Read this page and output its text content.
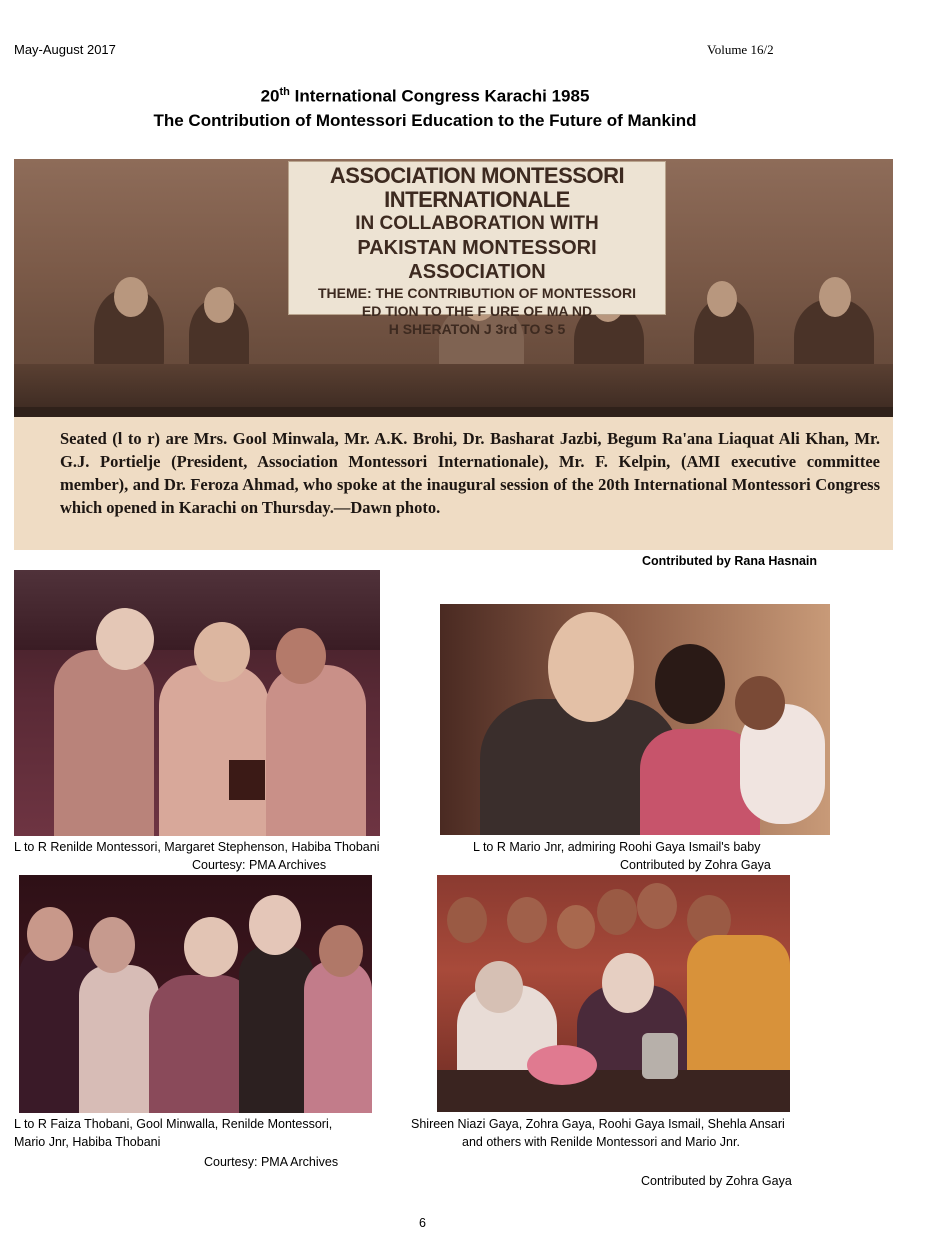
May-August 2017	Volume 16/2
20th International Congress Karachi 1985
The Contribution of Montessori Education to the Future of Mankind
ASSOCIATION MONTESSORI INTERNATIONALE
IN COLLABORATION WITH
PAKISTAN MONTESSORI ASSOCIATION
THEME: THE CONTRIBUTION OF MONTESSORI
ED TION TO THE F URE OF MA ND
H SHERATON J 3rd TO S 5
Seated (l to r) are Mrs. Gool Minwala, Mr. A.K. Brohi, Dr. Basharat Jazbi, Begum Ra'ana Liaquat Ali Khan, Mr. G.J. Portielje (President, Association Montessori Internationale), Mr. F. Kelpin, (AMI executive committee member), and Dr. Feroza Ahmad, who spoke at the inaugural session of the 20th International Montessori Congress which opened in Karachi on Thursday.—Dawn photo.
Contributed by Rana Hasnain
L to R Renilde Montessori, Margaret Stephenson, Habiba Thobani
Courtesy: PMA Archives
L to R Mario Jnr, admiring Roohi Gaya Ismail's baby
Contributed by Zohra Gaya
L to R Faiza Thobani, Gool Minwalla, Renilde Montessori,
Mario Jnr, Habiba Thobani
Courtesy: PMA Archives
Shireen Niazi Gaya, Zohra Gaya, Roohi Gaya Ismail, Shehla Ansari
and others with Renilde Montessori and Mario Jnr.
Contributed by Zohra Gaya
6
